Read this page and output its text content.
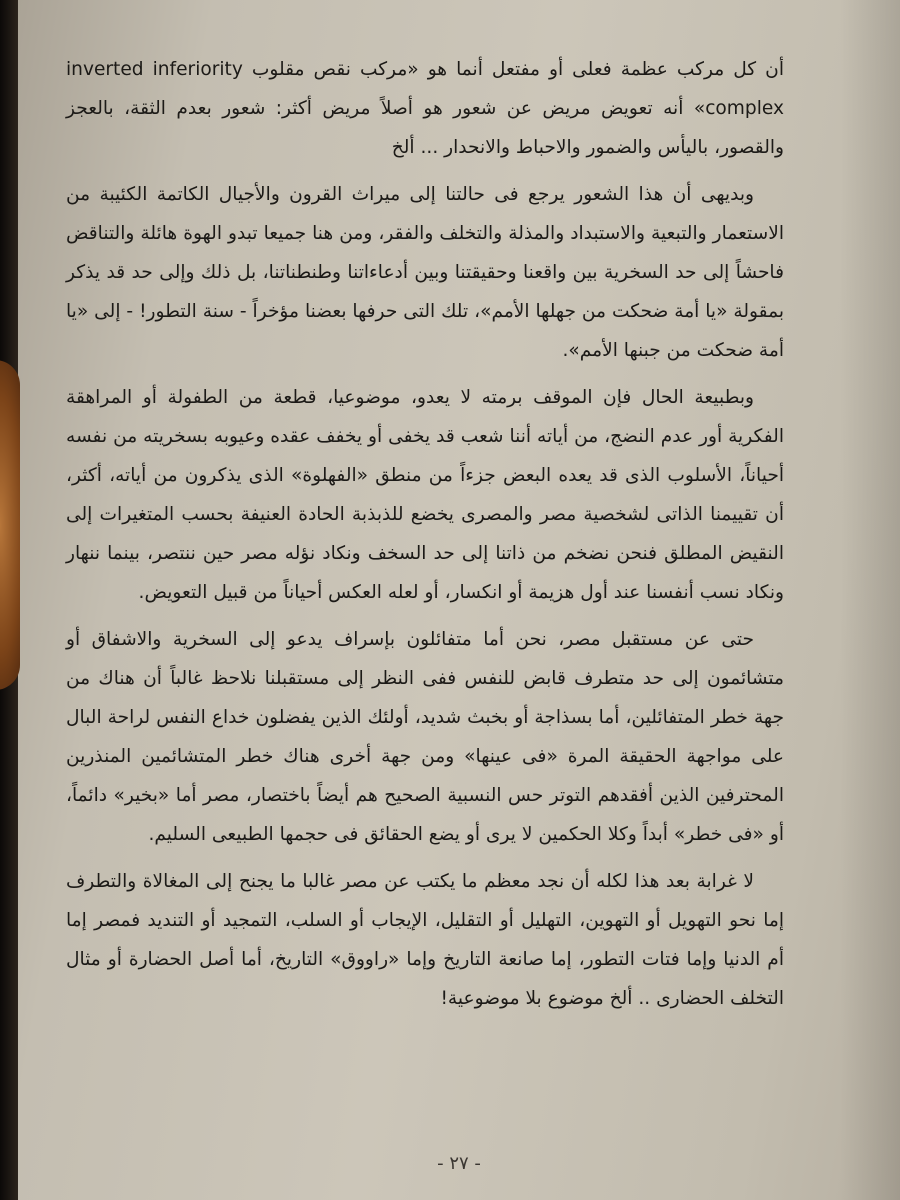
أن كل مركب عظمة فعلى أو مفتعل أنما هو «مركب نقص مقلوب inverted inferiority complex» أنه تعويض مريض عن شعور هو أصلاً مريض أكثر: شعور بعدم الثقة، بالعجز والقصور، باليأس والضمور والاحباط والانحدار ... ألخ

وبديهى أن هذا الشعور يرجع فى حالتنا إلى ميراث القرون والأجيال الكاتمة الكئيبة من الاستعمار والتبعية والاستبداد والمذلة والتخلف والفقر، ومن هنا جميعا تبدو الهوة هائلة والتناقض فاحشاً إلى حد السخرية بين واقعنا وحقيقتنا وبين أدعاءاتنا وطنطناتنا، بل ذلك وإلى حد قد يذكر بمقولة «يا أمة ضحكت من جهلها الأمم»، تلك التى حرفها بعضنا مؤخراً - سنة التطور! - إلى «يا أمة ضحكت من جبنها الأمم».

وبطبيعة الحال فإن الموقف برمته لا يعدو، موضوعيا، قطعة من الطفولة أو المراهقة الفكرية أور عدم النضج، من أياته أننا شعب قد يخفى أو يخفف عقده وعيوبه بسخريته من نفسه أحياناً، الأسلوب الذى قد يعده البعض جزءاً من منطق «الفهلوة» الذى يذكرون من أياته، أكثر، أن تقييمنا الذاتى لشخصية مصر والمصرى يخضع للذبذبة الحادة العنيفة بحسب المتغيرات إلى النقيض المطلق فنحن نضخم من ذاتنا إلى حد السخف ونكاد نؤله مصر حين ننتصر، بينما ننهار ونكاد نسب أنفسنا عند أول هزيمة أو انكسار، أو لعله العكس أحياناً من قبيل التعويض.

حتى عن مستقبل مصر، نحن أما متفائلون بإسراف يدعو إلى السخرية والاشفاق أو متشائمون إلى حد متطرف قابض للنفس ففى النظر إلى مستقبلنا نلاحظ غالباً أن هناك من جهة خطر المتفائلين، أما بسذاجة أو بخبث شديد، أولئك الذين يفضلون خداع النفس لراحة البال على مواجهة الحقيقة المرة «فى عينها» ومن جهة أخرى هناك خطر المتشائمين المنذرين المحترفين الذين أفقدهم التوتر حس النسبية الصحيح هم أيضاً باختصار، مصر أما «بخير» دائماً، أو «فى خطر» أبداً وكلا الحكمين لا يرى أو يضع الحقائق فى حجمها الطبيعى السليم.

لا غرابة بعد هذا لكله أن نجد معظم ما يكتب عن مصر غالبا ما يجنح إلى المغالاة والتطرف إما نحو التهويل أو التهوين، التهليل أو التقليل، الإيجاب أو السلب، التمجيد أو التنديد فمصر إما أم الدنيا وإما فتات التطور، إما صانعة التاريخ وإما «راووق» التاريخ، أما أصل الحضارة أو مثال التخلف الحضارى .. ألخ موضوع بلا موضوعية!

- ٢٧ -
